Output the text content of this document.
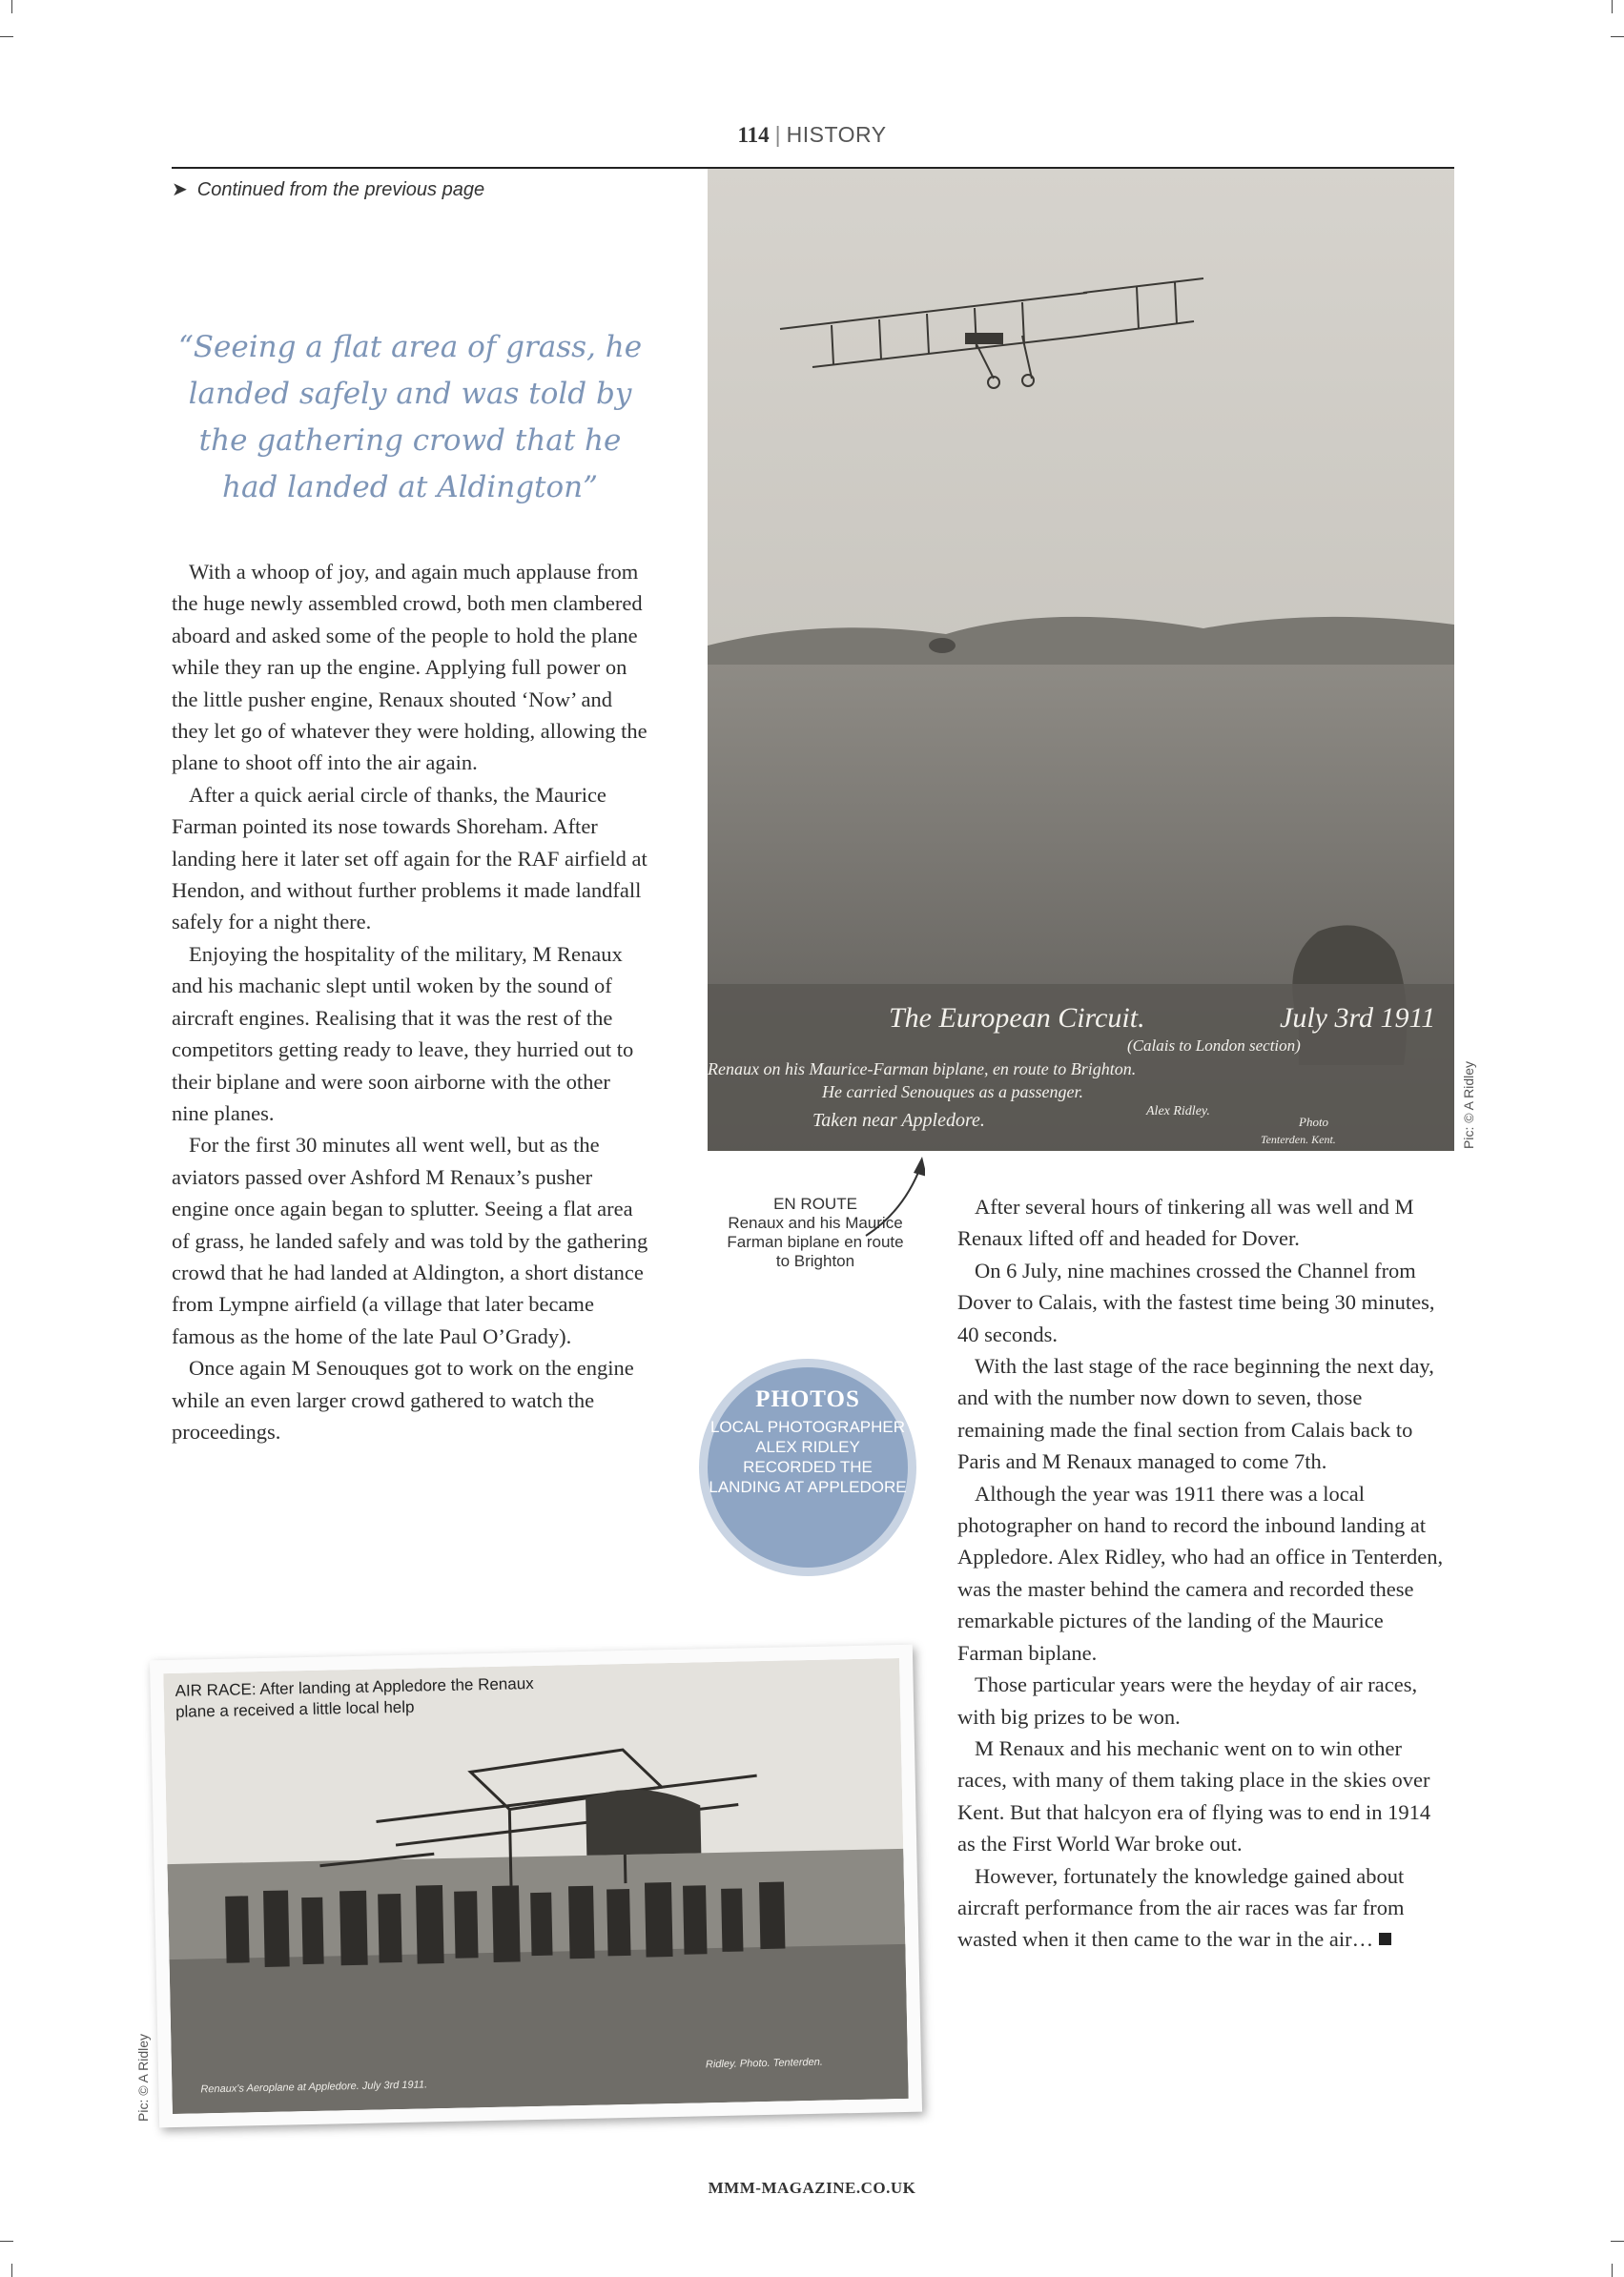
114 | HISTORY
➤ Continued from the previous page
“Seeing a flat area of grass, he landed safely and was told by the gathering crowd that he had landed at Aldington”

With a whoop of joy, and again much applause from the huge newly assembled crowd, both men clambered aboard and asked some of the people to hold the plane while they ran up the engine. Applying full power on the little pusher engine, Renaux shouted ‘Now’ and they let go of whatever they were holding, allowing the plane to shoot off into the air again.

After a quick aerial circle of thanks, the Maurice Farman pointed its nose towards Shoreham. After landing here it later set off again for the RAF airfield at Hendon, and without further problems it made landfall safely for a night there.

Enjoying the hospitality of the military, M Renaux and his machanic slept until woken by the sound of aircraft engines. Realising that it was the rest of the competitors getting ready to leave, they hurried out to their biplane and were soon airborne with the other nine planes.

For the first 30 minutes all went well, but as the aviators passed over Ashford M Renaux’s pusher engine once again began to splutter. Seeing a flat area of grass, he landed safely and was told by the gathering crowd that he had landed at Aldington, a short distance from Lympne airfield (a village that later became famous as the home of the late Paul O’Grady).

Once again M Senouques got to work on the engine while an even larger crowd gathered to watch the proceedings.

The European Circuit.	July 3rd 1911
(Calais to London section)
Renaux on his Maurice-Farman biplane, en route to Brighton.
He carried Senouques as a passenger.
Alex Ridley.
Taken near Appledore.	Photo
Tenterden. Kent.	Pic: © A Ridley
EN ROUTE
Renaux and his Maurice Farman biplane en route to Brighton
PHOTOS
LOCAL PHOTOGRAPHER ALEX RIDLEY RECORDED THE LANDING AT APPLEDORE

After several hours of tinkering all was well and M Renaux lifted off and headed for Dover.

On 6 July, nine machines crossed the Channel from Dover to Calais, with the fastest time being 30 minutes, 40 seconds.

With the last stage of the race beginning the next day, and with the number now down to seven, those remaining made the final section from Calais back to Paris and M Renaux managed to come 7th.

Although the year was 1911 there was a local photographer on hand to record the inbound landing at Appledore. Alex Ridley, who had an office in Tenterden, was the master behind the camera and recorded these remarkable pictures of the landing of the Maurice Farman biplane.

Those particular years were the heyday of air races, with big prizes to be won.

M Renaux and his mechanic went on to win other races, with many of them taking place in the skies over Kent. But that halcyon era of flying was to end in 1914 as the First World War broke out.

However, fortunately the knowledge gained about aircraft performance from the air races was far from wasted when it then came to the war in the air…

Renaux's Aeroplane at Appledore. July 3rd 1911.
Ridley. Photo. Tenterden.
AIR RACE: After landing at Appledore the Renaux plane a received a little local help
Pic: © A Ridley
MMM-MAGAZINE.CO.UK
